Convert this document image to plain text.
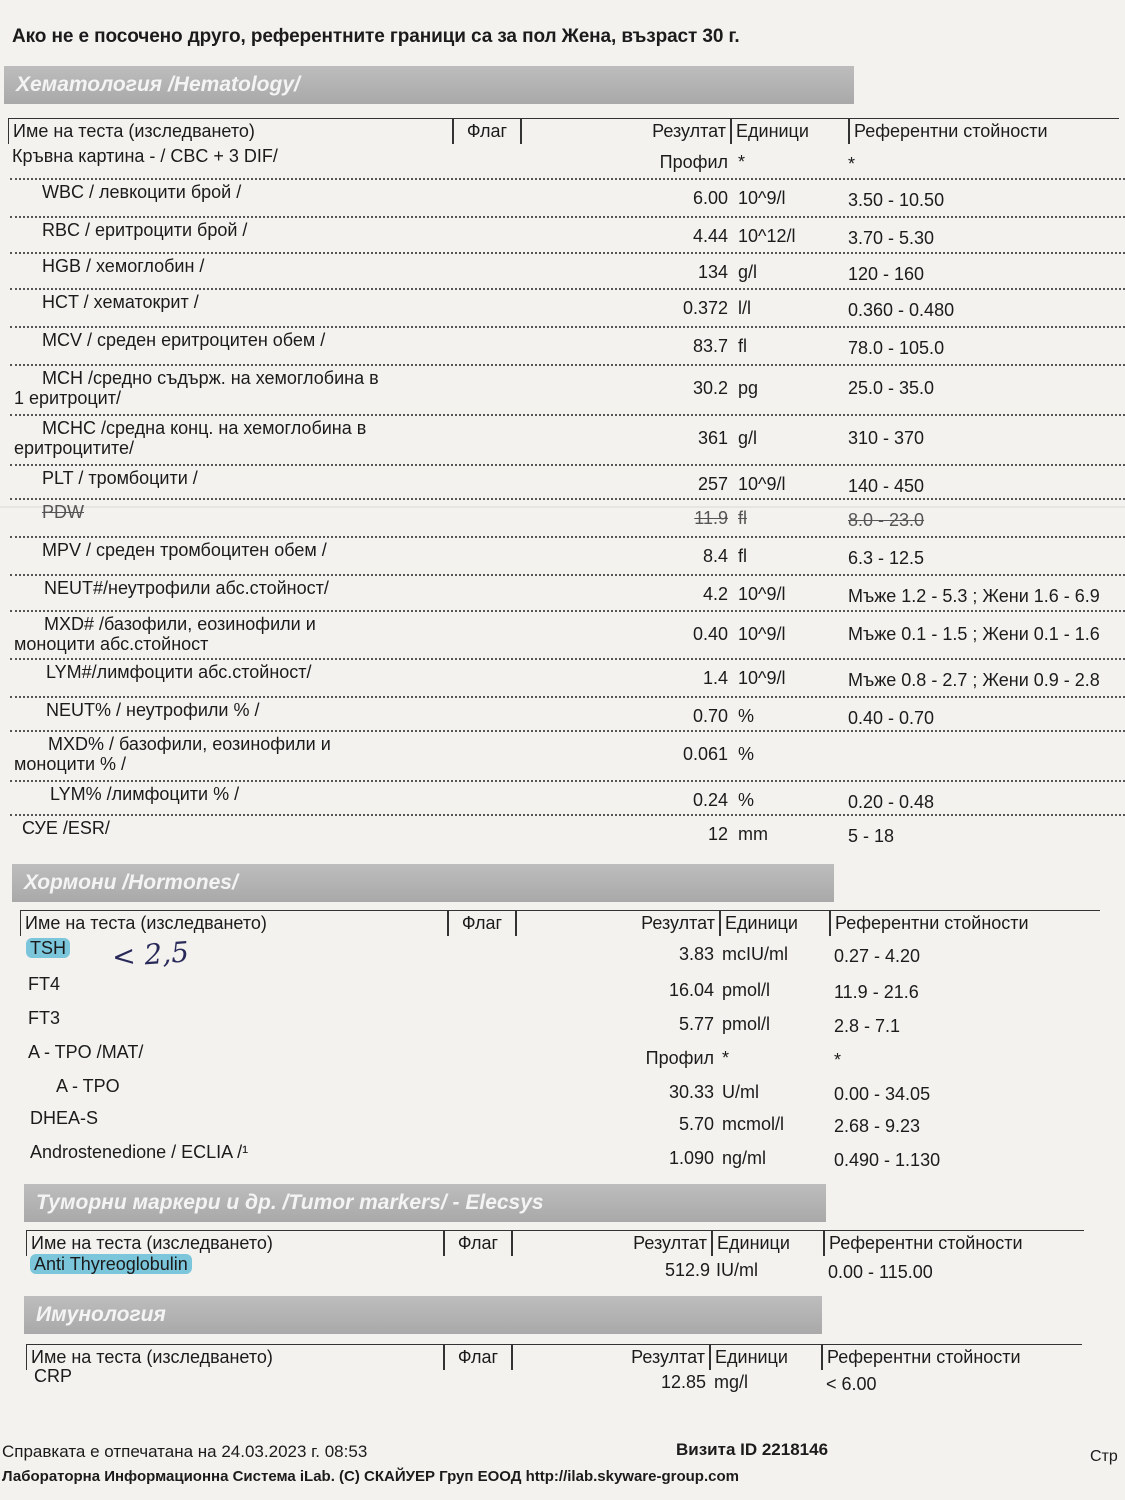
Ако не е посочено друго, референтните граници са за пол Жена, възраст 30 г.
Хематология /Hematology/
Име на теста (изследването)	Флаг	Резултат Единици	Референтни стойности
Кръвна картина - / CBC + 3 DIF/	Профил *	*
WBC / левкоцити брой /	6.00 10^9/l	3.50 - 10.50
RBC / еритроцити брой /	4.44 10^12/l	3.70 - 5.30
HGB / хемоглобин /	134 g/l	120 - 160
HCT / хематокрит /	0.372 l/l	0.360 - 0.480
MCV / среден еритроцитен обем /	83.7 fl	78.0 - 105.0
MCH /средно съдърж. на хемоглобина в
1 еритроцит/	30.2 pg	25.0 - 35.0
MCHC /средна конц. на хемоглобина в
еритроцитите/	361 g/l	310 - 370
PLT / тромбоцити /	257 10^9/l	140 - 450
PDW	11.9 fl	8.0 - 23.0
MPV / среден тромбоцитен обем /	8.4 fl	6.3 - 12.5
NEUT#/неутрофили абс.стойност/	4.2 10^9/l	Мъже 1.2 - 5.3 ; Жени 1.6 - 6.9
MXD# /базофили, еозинофили и
моноцити абс.стойност	0.40 10^9/l	Мъже 0.1 - 1.5 ; Жени 0.1 - 1.6
LYM#/лимфоцити абс.стойност/	1.4 10^9/l	Мъже 0.8 - 2.7 ; Жени 0.9 - 2.8
NEUT% / неутрофили % /	0.70 %	0.40 - 0.70
MXD% / базофили, еозинофили и
моноцити % /	0.061 %
LYM% /лимфоцити % /	0.24 %	0.20 - 0.48
СУЕ /ESR/	12 mm	5 - 18
Хормони /Hormones/
Име на теста (изследването)	Флаг	Резултат Единици	Референтни стойности
TSH	3.83 mcIU/ml	0.27 - 4.20
FT4	16.04 pmol/l	11.9 - 21.6
FT3	5.77 pmol/l	2.8 - 7.1
A - TPO /MAT/	Профил *	*
A - TPO	30.33 U/ml	0.00 - 34.05
DHEA-S	5.70 mcmol/l	2.68 - 9.23
Androstenedione / ECLIA /¹	1.090 ng/ml	0.490 - 1.130
< 2,5
Туморни маркери и др. /Tumor markers/ - Elecsys
Име на теста (изследването)	Флаг	Резултат Единици	Референтни стойности
Anti Thyreoglobulin	512.9 IU/ml	0.00 - 115.00
Имунология
Име на теста (изследването)	Флаг	Резултат Единици	Референтни стойности
CRP	12.85 mg/l	< 6.00
Справката е отпечатана на 24.03.2023 г. 08:53	Визита ID 2218146	Стр
Лабораторна Информационна Система iLab. (C) СКАЙУЕР Груп ЕООД http://ilab.skyware-group.com
